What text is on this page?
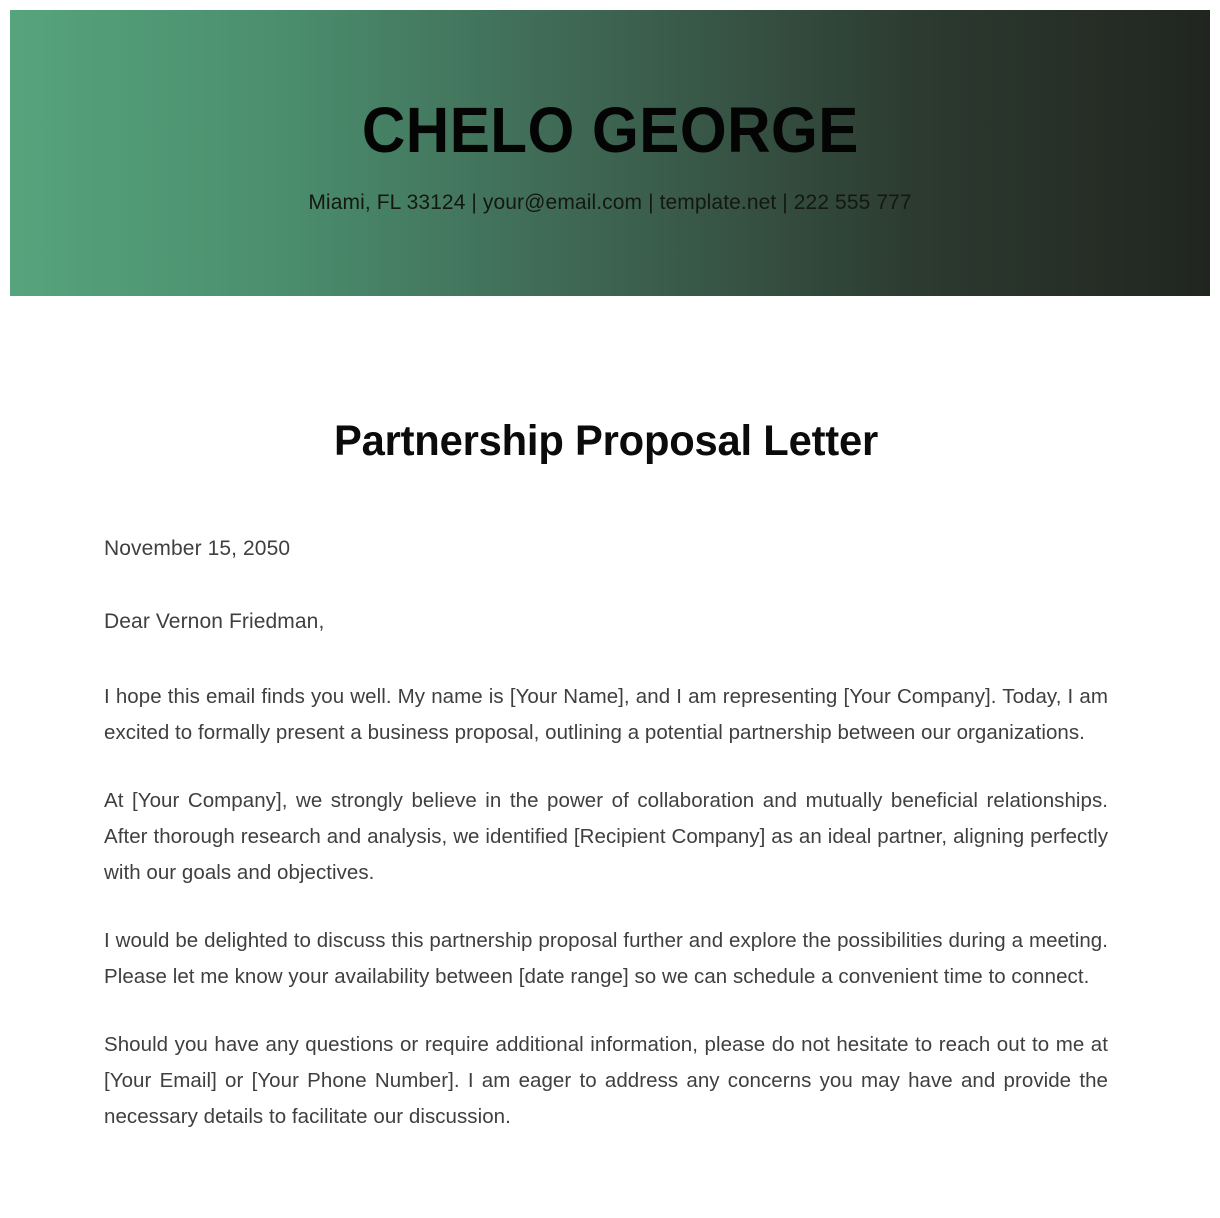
CHELO GEORGE

Miami, FL 33124 | your@email.com | template.net | 222 555 777

Partnership Proposal Letter

November 15, 2050

Dear Vernon Friedman,

I hope this email finds you well. My name is [Your Name], and I am representing [Your Company]. Today, I am excited to formally present a business proposal, outlining a potential partnership between our organizations.

At [Your Company], we strongly believe in the power of collaboration and mutually beneficial relationships. After thorough research and analysis, we identified [Recipient Company] as an ideal partner, aligning perfectly with our goals and objectives.

I would be delighted to discuss this partnership proposal further and explore the possibilities during a meeting. Please let me know your availability between [date range] so we can schedule a convenient time to connect.

Should you have any questions or require additional information, please do not hesitate to reach out to me at [Your Email] or [Your Phone Number]. I am eager to address any concerns you may have and provide the necessary details to facilitate our discussion.
